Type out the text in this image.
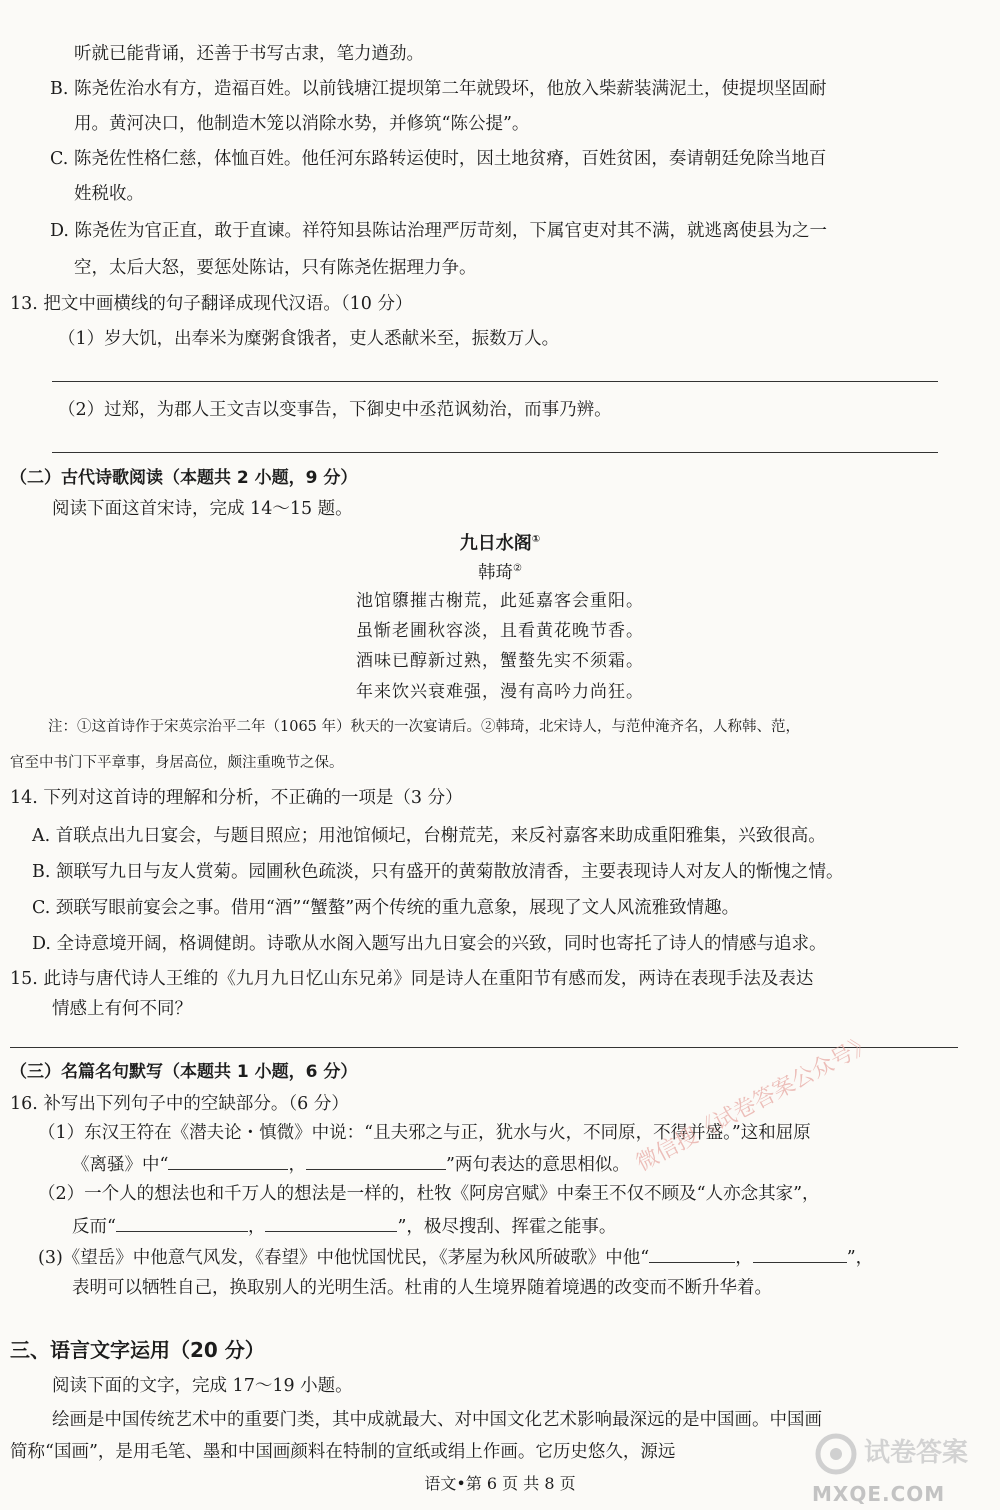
听就已能背诵，还善于书写古隶，笔力遒劲。
B. 陈尧佐治水有方，造福百姓。以前钱塘江提坝第二年就毁坏，他放入柴薪装满泥土，使提坝坚固耐
用。黄河决口，他制造木笼以消除水势，并修筑“陈公提”。
C. 陈尧佐性格仁慈，体恤百姓。他任河东路转运使时，因土地贫瘠，百姓贫困，奏请朝廷免除当地百
姓税收。
D. 陈尧佐为官正直，敢于直谏。祥符知县陈诂治理严厉苛刻，下属官吏对其不满，就逃离使县为之一
空，太后大怒，要惩处陈诂，只有陈尧佐据理力争。
13. 把文中画横线的句子翻译成现代汉语。（10 分）
（1）岁大饥，出奉米为糜粥食饿者，吏人悉献米至，振数万人。
（2）过郑，为郡人王文吉以变事告，下御史中丞范讽劾治，而事乃辨。
（二）古代诗歌阅读（本题共 2 小题，9 分）
阅读下面这首宋诗，完成 14～15 题。
九日水阁①
韩琦②
池馆隳摧古榭荒，此延嘉客会重阳。
虽惭老圃秋容淡，且看黄花晚节香。
酒味已醇新过熟，蟹螯先实不须霜。
年来饮兴衰难强，漫有高吟力尚狂。
注：①这首诗作于宋英宗治平二年（1065 年）秋天的一次宴请后。②韩琦，北宋诗人，与范仲淹齐名，人称韩、范，
官至中书门下平章事，身居高位，颇注重晚节之保。
14. 下列对这首诗的理解和分析，不正确的一项是（3 分）
A. 首联点出九日宴会，与题目照应；用池馆倾圮，台榭荒芜，来反衬嘉客来助成重阳雅集，兴致很高。
B. 颔联写九日与友人赏菊。园圃秋色疏淡，只有盛开的黄菊散放清香，主要表现诗人对友人的惭愧之情。
C. 颈联写眼前宴会之事。借用“酒”“蟹螯”两个传统的重九意象，展现了文人风流雅致情趣。
D. 全诗意境开阔，格调健朗。诗歌从水阁入题写出九日宴会的兴致，同时也寄托了诗人的情感与追求。
15. 此诗与唐代诗人王维的《九月九日忆山东兄弟》同是诗人在重阳节有感而发，两诗在表现手法及表达
情感上有何不同？
（三）名篇名句默写（本题共 1 小题，6 分）
16. 补写出下列句子中的空缺部分。（6 分）
（1）东汉王符在《潜夫论・慎微》中说：“且夫邪之与正，犹水与火，不同原，不得并盛。”这和屈原
《离骚》中“	，	”两句表达的意思相似。
（2）一个人的想法也和千万人的想法是一样的，杜牧《阿房宫赋》中秦王不仅不顾及“人亦念其家”，
反而“	，	”，极尽搜刮、挥霍之能事。
(3)《望岳》中他意气风发，《春望》中他忧国忧民，《茅屋为秋风所破歌》中他“	，	”，
表明可以牺牲自己，换取别人的光明生活。杜甫的人生境界随着境遇的改变而不断升华着。
三、语言文字运用（20 分）
阅读下面的文字，完成 17～19 小题。
绘画是中国传统艺术中的重要门类，其中成就最大、对中国文化艺术影响最深远的是中国画。中国画
简称“国画”，是用毛笔、墨和中国画颜料在特制的宣纸或绢上作画。它历史悠久，源远
语文•第 6 页 共 8 页
微信搜《试卷答案公众号》
试卷答案
MXQE.COM
